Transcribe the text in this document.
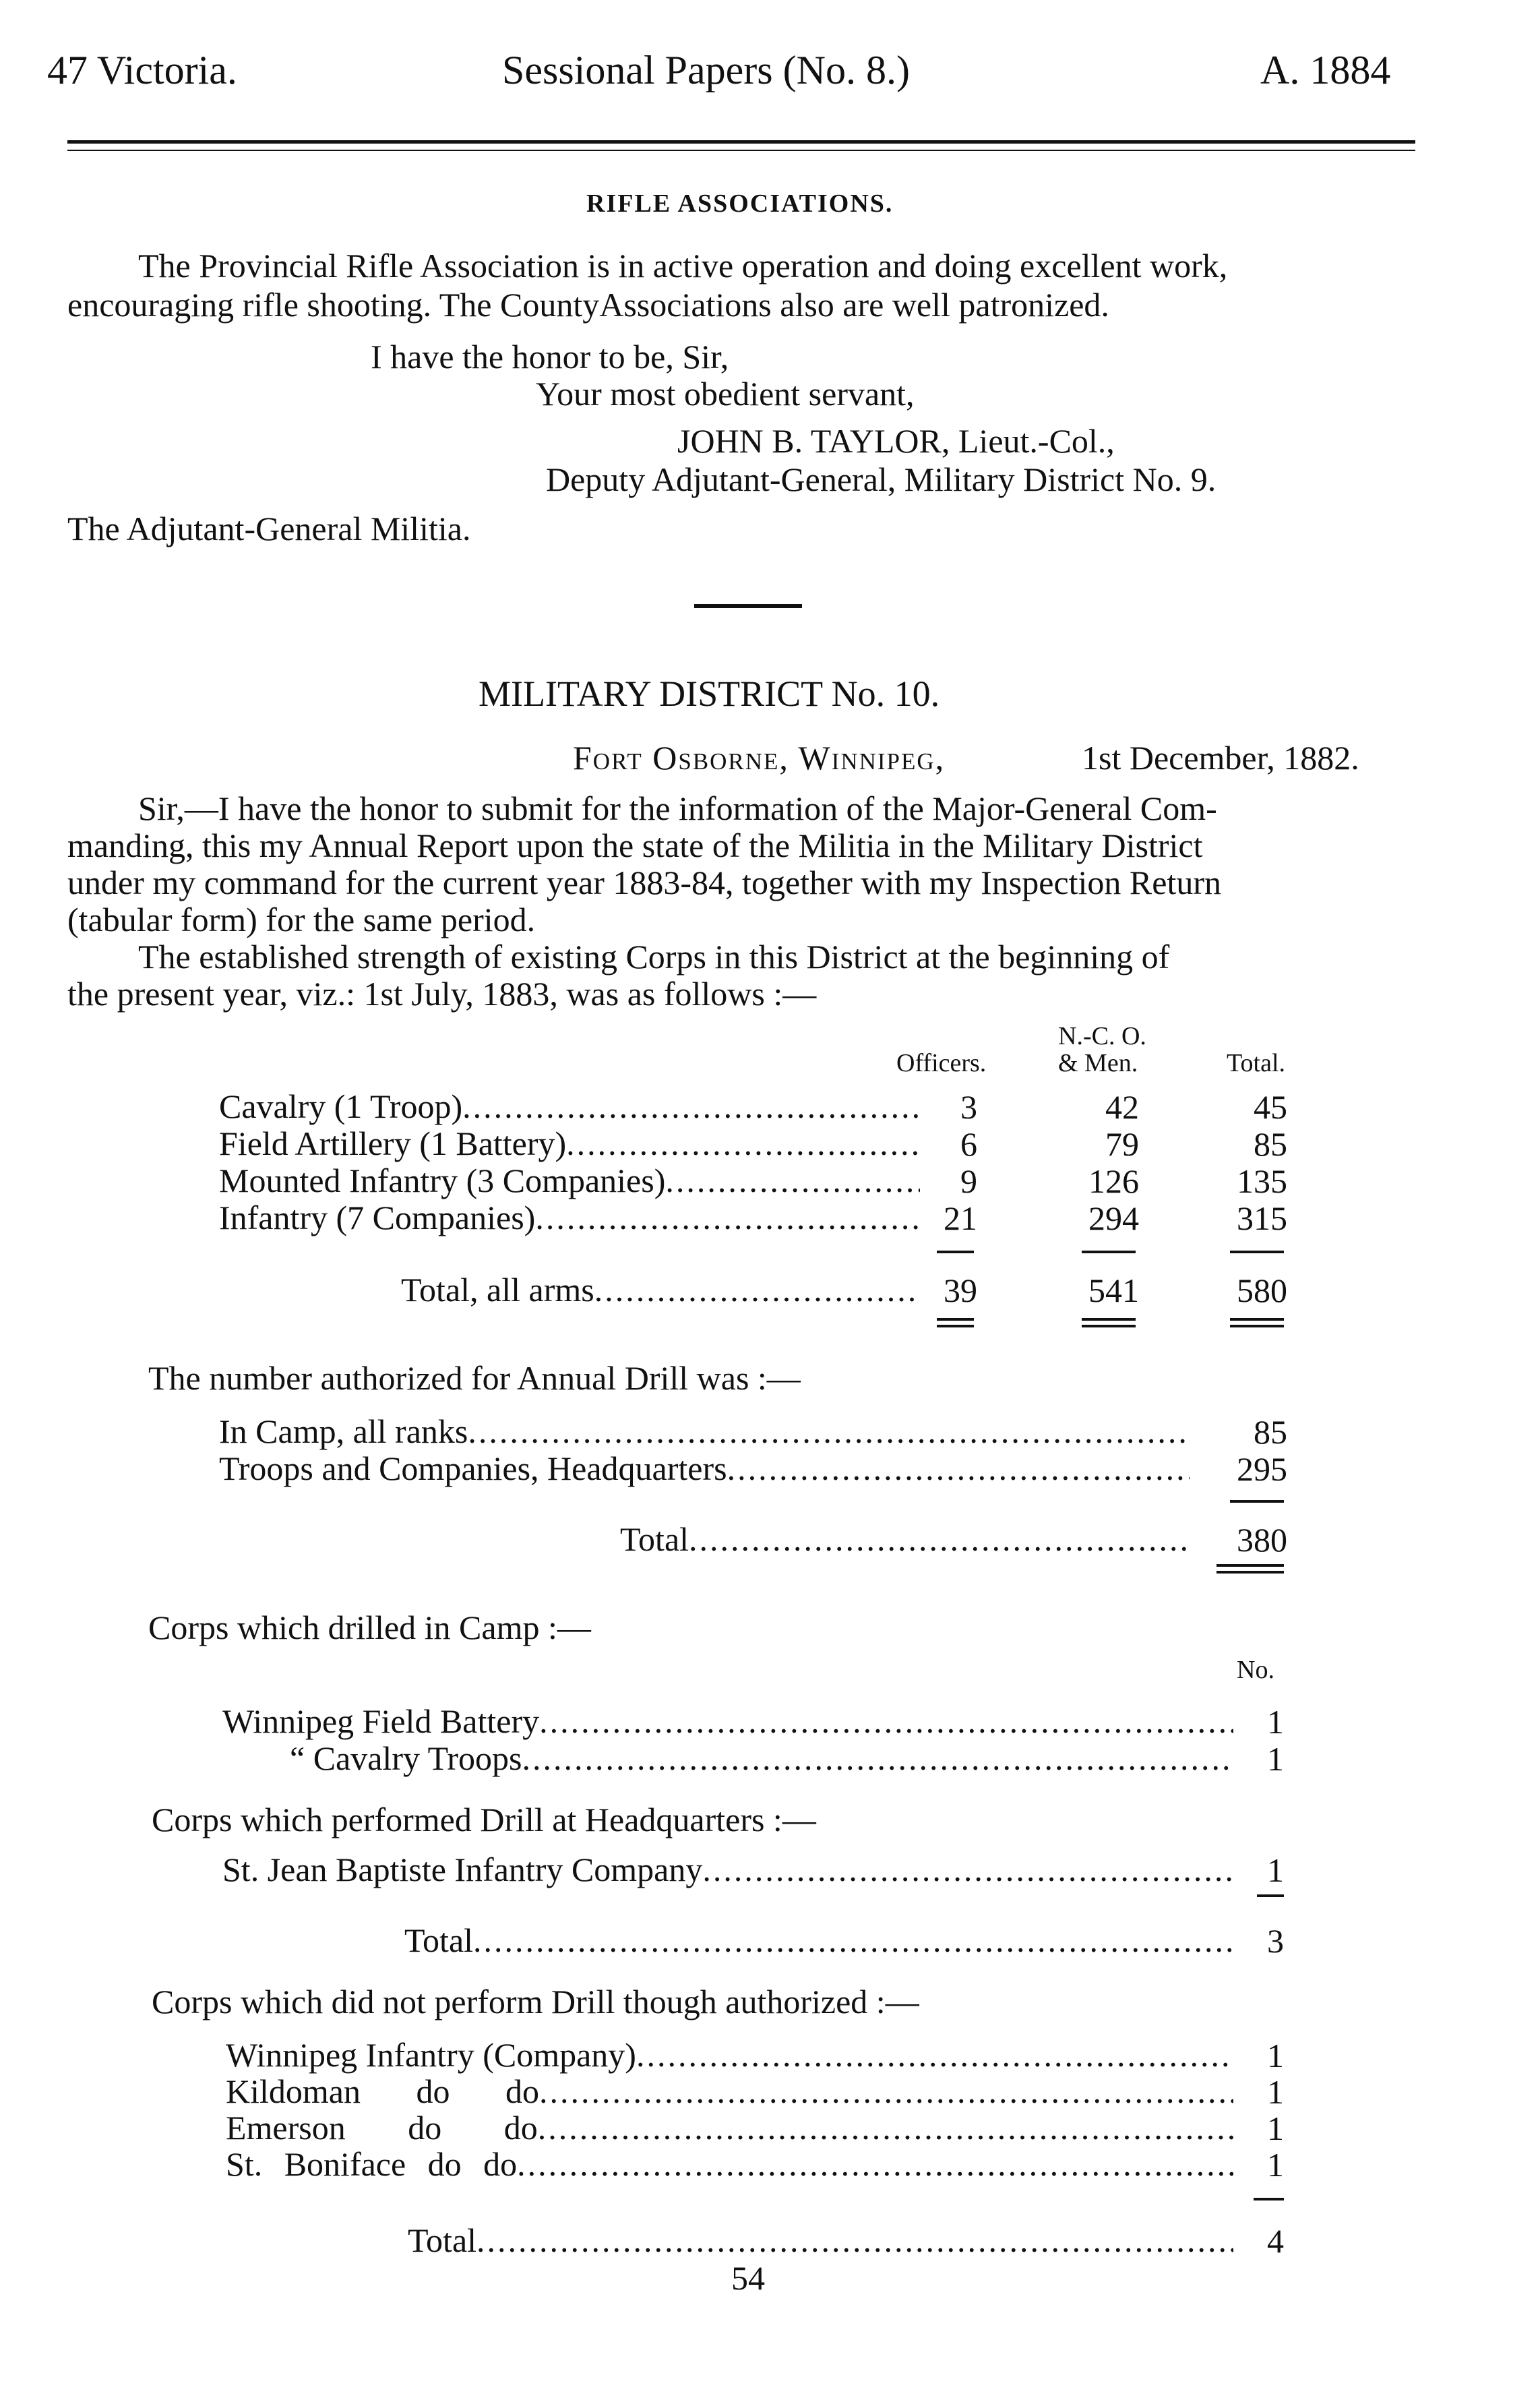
47 Victoria.	Sessional Papers (No. 8.)	A. 1884
RIFLE ASSOCIATIONS.
The Provincial Rifle Association is in active operation and doing excellent work,
encouraging rifle shooting. The CountyAssociations also are well patronized.
I have the honor to be, Sir,
Your most obedient servant,
JOHN B. TAYLOR, Lieut.-Col.,
Deputy Adjutant-General, Military District No. 9.
The Adjutant-General Militia.
MILITARY DISTRICT No. 10.
Fort Osborne, Winnipeg,	1st December, 1882.
Sir,—I have the honor to submit for the information of the Major-General Com-
manding, this my Annual Report upon the state of the Militia in the Military District
under my command for the current year 1883-84, together with my Inspection Return
(tabular form) for the same period.
The established strength of existing Corps in this District at the beginning of
the present year, viz.: 1st July, 1883, was as follows :—
Officers.
N.-C. O.
& Men.	Total.
Cavalry (1 Troop) .....	3	42	45
Field Artillery (1 Battery) .....	6	79	85
Mounted Infantry (3 Companies) .....	9	126	135
Infantry (7 Companies) .....	21	294	315
Total, all arms .....	39	541	580
The number authorized for Annual Drill was :—
In Camp, all ranks .....	85
Troops and Companies, Headquarters .....	295
Total .....	380
Corps which drilled in Camp :—
No.
Winnipeg Field Battery .....	1
“ Cavalry Troops .....	1
Corps which performed Drill at Headquarters :—
St. Jean Baptiste Infantry Company .....	1
Total .....	3
Corps which did not perform Drill though authorized :—
Winnipeg Infantry (Company) .....	1
Kildoman do do .....	1
Emerson do do .....	1
St. Boniface do do .....	1
Total .....	4
54
